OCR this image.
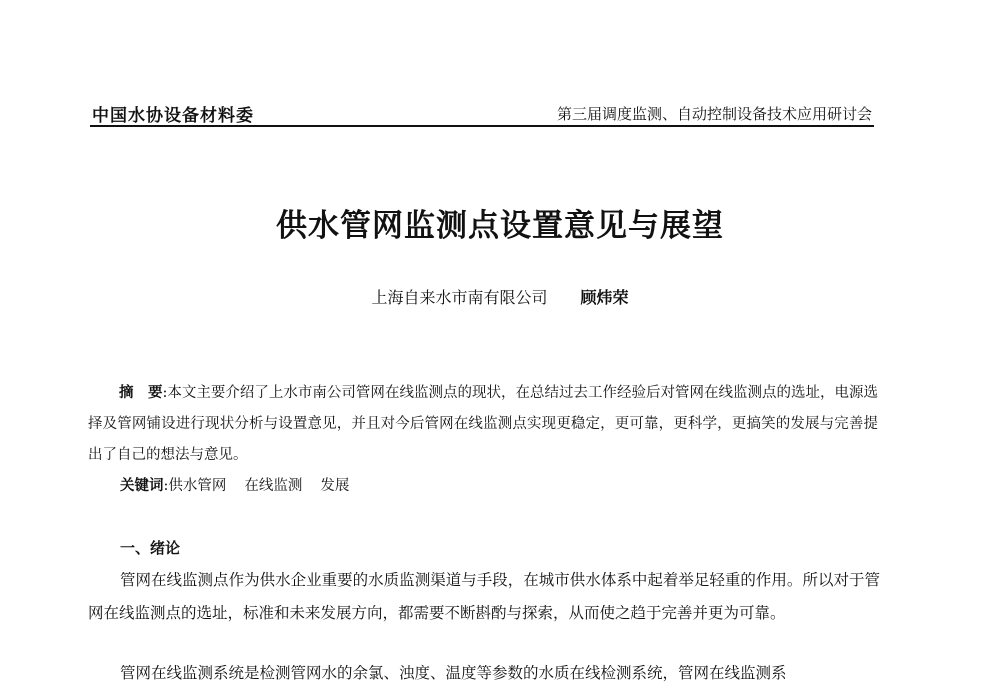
中国水协设备材料委	第三届调度监测、自动控制设备技术应用研讨会
供水管网监测点设置意见与展望
上海自来水市南有限公司 顾炜荣

摘　要:本文主要介绍了上水市南公司管网在线监测点的现状，在总结过去工作经验后对管网在线监测点的选址，电源选择及管网铺设进行现状分析与设置意见，并且对今后管网在线监测点实现更稳定，更可靠，更科学，更搞笑的发展与完善提出了自己的想法与意见。

关键词:供水管网 在线监测 发展
一、绪论

管网在线监测点作为供水企业重要的水质监测渠道与手段，在城市供水体系中起着举足轻重的作用。所以对于管网在线监测点的选址，标准和未来发展方向，都需要不断斟酌与探索，从而使之趋于完善并更为可靠。

管网在线监测系统是检测管网水的余氯、浊度、温度等参数的水质在线检测系统，管网在线监测系
